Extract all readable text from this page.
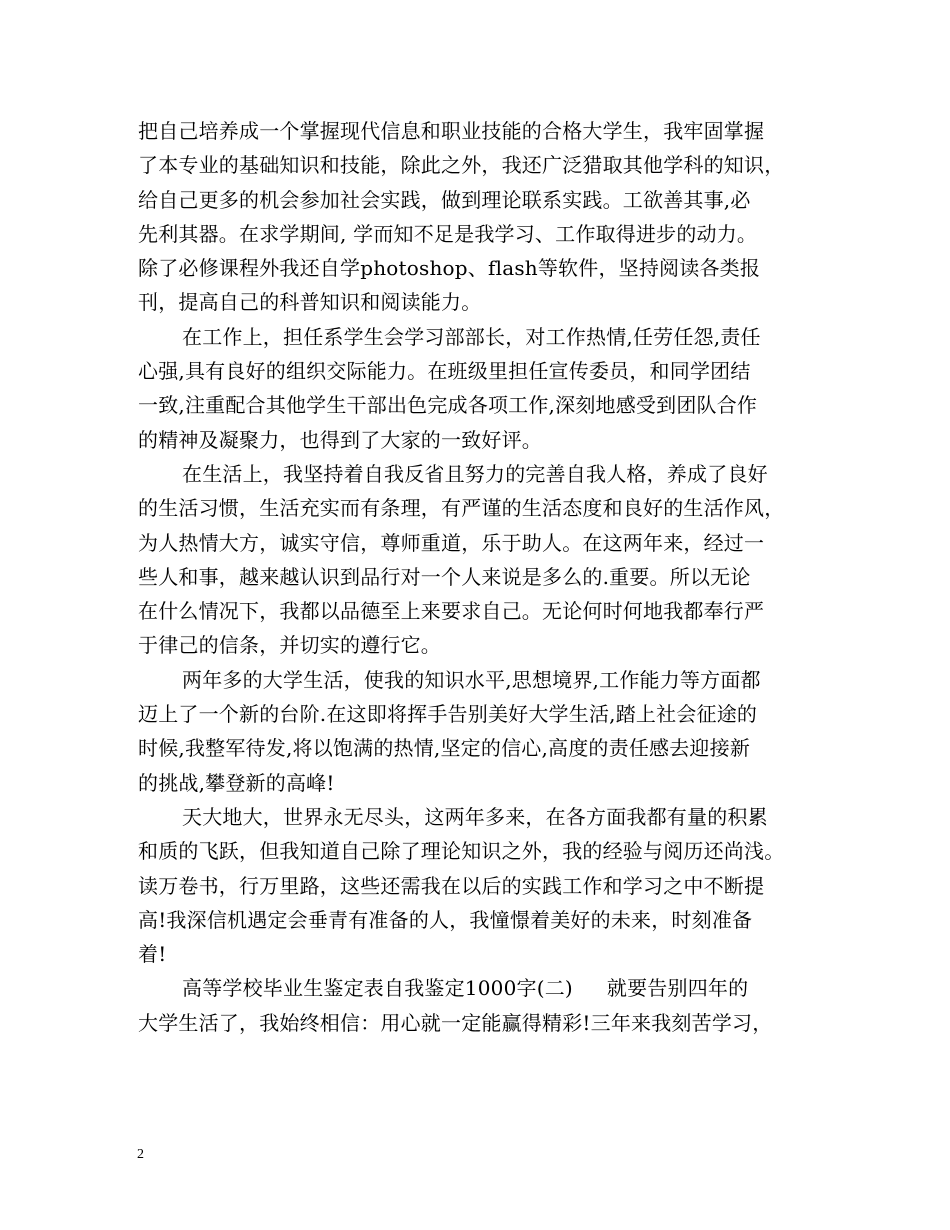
把自己培养成一个掌握现代信息和职业技能的合格大学生，我牢固掌握
了本专业的基础知识和技能，除此之外，我还广泛猎取其他学科的知识，
给自己更多的机会参加社会实践，做到理论联系实践。工欲善其事,必
先利其器。在求学期间, 学而知不足是我学习、工作取得进步的动力。
除了必修课程外我还自学photoshop、flash等软件，坚持阅读各类报
刊，提高自己的科普知识和阅读能力。
在工作上，担任系学生会学习部部长，对工作热情,任劳任怨,责任
心强,具有良好的组织交际能力。在班级里担任宣传委员，和同学团结
一致,注重配合其他学生干部出色完成各项工作,深刻地感受到团队合作
的精神及凝聚力，也得到了大家的一致好评。
在生活上，我坚持着自我反省且努力的完善自我人格，养成了良好
的生活习惯，生活充实而有条理，有严谨的生活态度和良好的生活作风，
为人热情大方，诚实守信，尊师重道，乐于助人。在这两年来，经过一
些人和事，越来越认识到品行对一个人来说是多么的.重要。所以无论
在什么情况下，我都以品德至上来要求自己。无论何时何地我都奉行严
于律己的信条，并切实的遵行它。
两年多的大学生活，使我的知识水平,思想境界,工作能力等方面都
迈上了一个新的台阶.在这即将挥手告别美好大学生活,踏上社会征途的
时候,我整军待发,将以饱满的热情,坚定的信心,高度的责任感去迎接新
的挑战,攀登新的高峰!
天大地大，世界永无尽头，这两年多来，在各方面我都有量的积累
和质的飞跃，但我知道自己除了理论知识之外，我的经验与阅历还尚浅。
读万卷书，行万里路，这些还需我在以后的实践工作和学习之中不断提
高!我深信机遇定会垂青有准备的人，我憧憬着美好的未来，时刻准备
着!
高等学校毕业生鉴定表自我鉴定1000字(二) 就要告别四年的
大学生活了，我始终相信：用心就一定能赢得精彩!三年来我刻苦学习，
2
